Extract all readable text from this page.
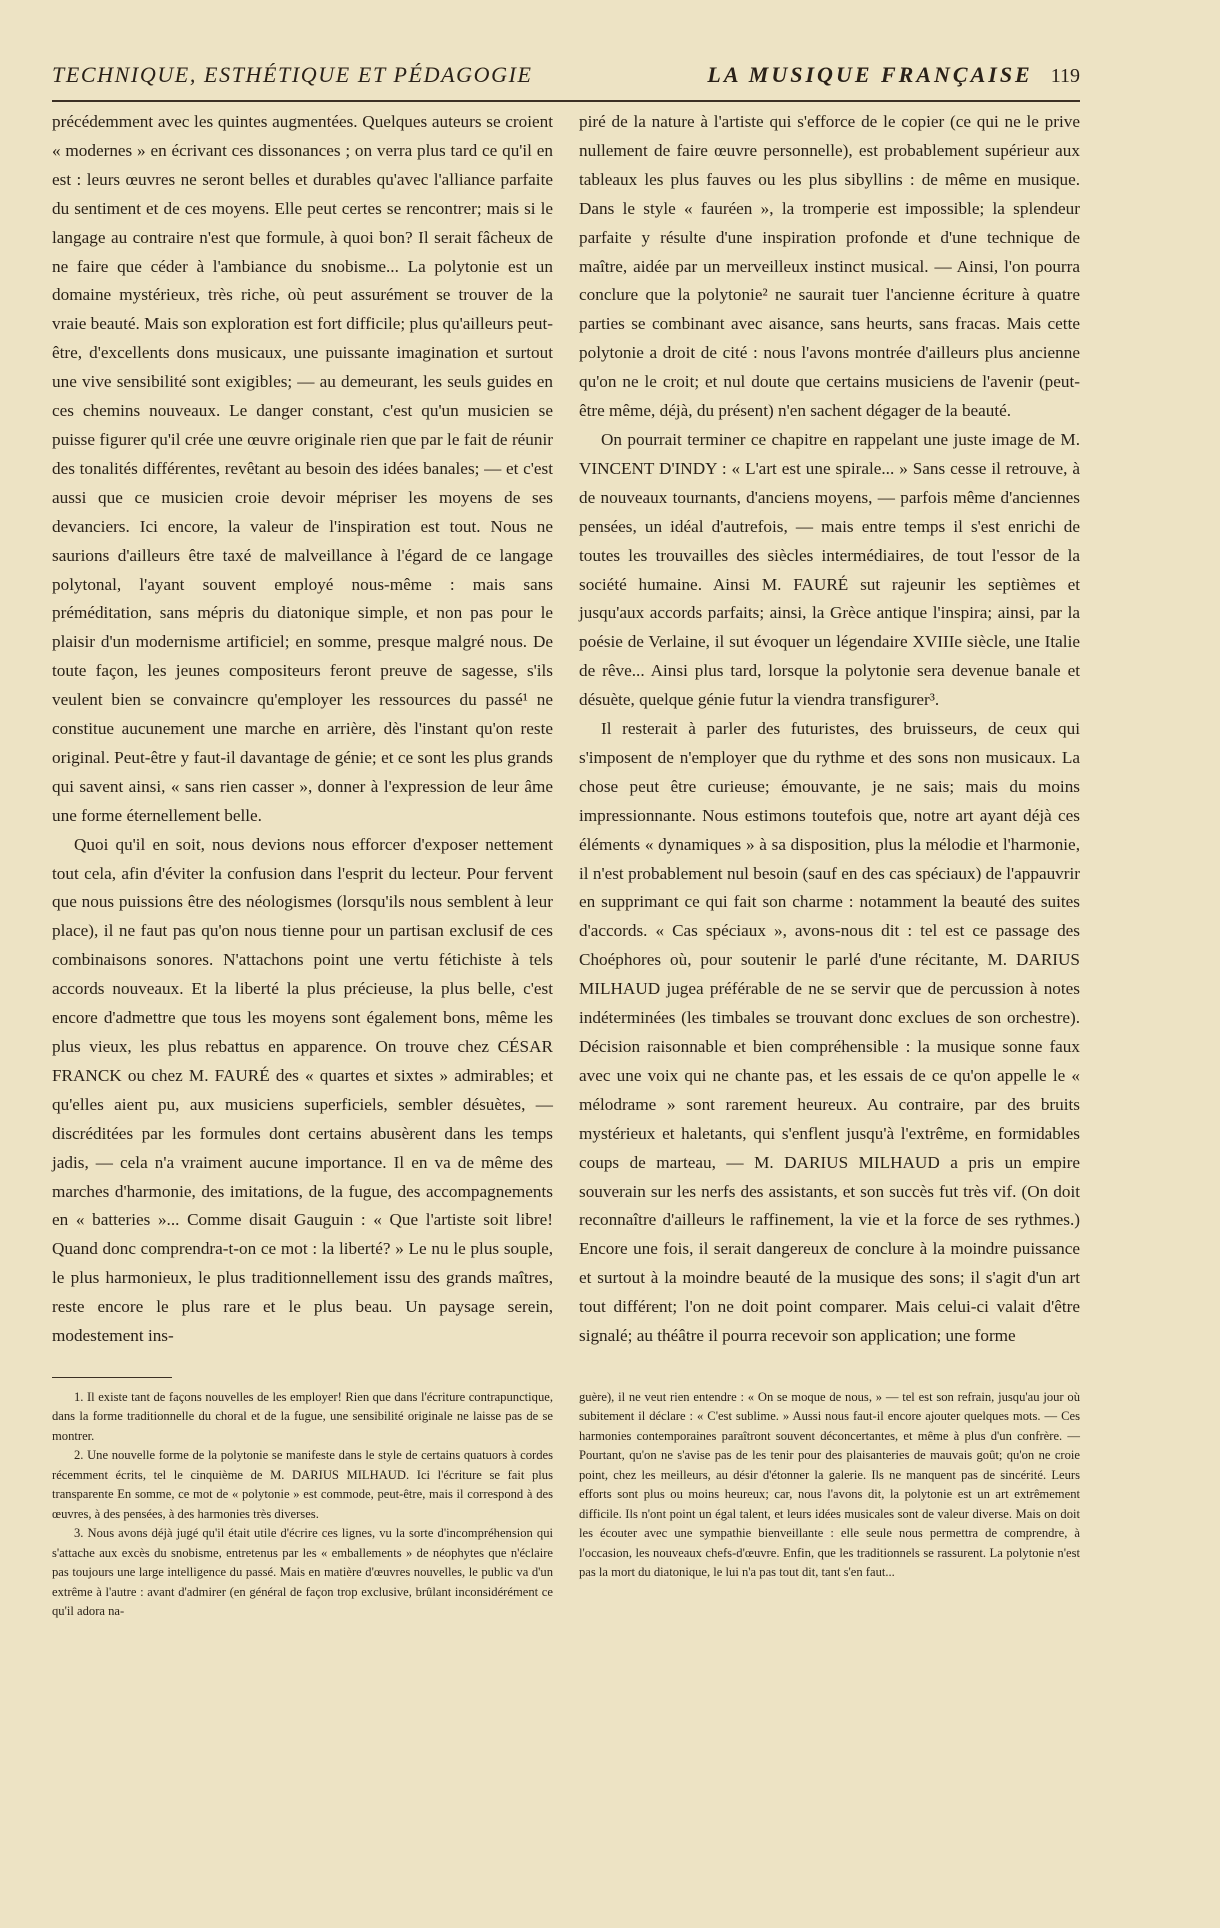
TECHNIQUE, ESTHÉTIQUE ET PÉDAGOGIE	LA MUSIQUE FRANÇAISE 119

précédemment avec les quintes augmentées. Quelques auteurs se croient « modernes » en écrivant ces dissonances ; on verra plus tard ce qu'il en est : leurs œuvres ne seront belles et durables qu'avec l'alliance parfaite du sentiment et de ces moyens. Elle peut certes se rencontrer; mais si le langage au contraire n'est que formule, à quoi bon? Il serait fâcheux de ne faire que céder à l'ambiance du snobisme... La polytonie est un domaine mystérieux, très riche, où peut assurément se trouver de la vraie beauté. Mais son exploration est fort difficile; plus qu'ailleurs peut-être, d'excellents dons musicaux, une puissante imagination et surtout une vive sensibilité sont exigibles; — au demeurant, les seuls guides en ces chemins nouveaux. Le danger constant, c'est qu'un musicien se puisse figurer qu'il crée une œuvre originale rien que par le fait de réunir des tonalités différentes, revêtant au besoin des idées banales; — et c'est aussi que ce musicien croie devoir mépriser les moyens de ses devanciers. Ici encore, la valeur de l'inspiration est tout. Nous ne saurions d'ailleurs être taxé de malveillance à l'égard de ce langage polytonal, l'ayant souvent employé nous-même : mais sans préméditation, sans mépris du diatonique simple, et non pas pour le plaisir d'un modernisme artificiel; en somme, presque malgré nous. De toute façon, les jeunes compositeurs feront preuve de sagesse, s'ils veulent bien se convaincre qu'employer les ressources du passé¹ ne constitue aucunement une marche en arrière, dès l'instant qu'on reste original. Peut-être y faut-il davantage de génie; et ce sont les plus grands qui savent ainsi, « sans rien casser », donner à l'expression de leur âme une forme éternellement belle.

Quoi qu'il en soit, nous devions nous efforcer d'exposer nettement tout cela, afin d'éviter la confusion dans l'esprit du lecteur. Pour fervent que nous puissions être des néologismes (lorsqu'ils nous semblent à leur place), il ne faut pas qu'on nous tienne pour un partisan exclusif de ces combinaisons sonores. N'attachons point une vertu fétichiste à tels accords nouveaux. Et la liberté la plus précieuse, la plus belle, c'est encore d'admettre que tous les moyens sont également bons, même les plus vieux, les plus rebattus en apparence. On trouve chez CÉSAR FRANCK ou chez M. FAURÉ des « quartes et sixtes » admirables; et qu'elles aient pu, aux musiciens superficiels, sembler désuètes, — discréditées par les formules dont certains abusèrent dans les temps jadis, — cela n'a vraiment aucune importance. Il en va de même des marches d'harmonie, des imitations, de la fugue, des accompagnements en « batteries »... Comme disait Gauguin : « Que l'artiste soit libre! Quand donc comprendra-t-on ce mot : la liberté? » Le nu le plus souple, le plus harmonieux, le plus traditionnellement issu des grands maîtres, reste encore le plus rare et le plus beau. Un paysage serein, modestement ins-

piré de la nature à l'artiste qui s'efforce de le copier (ce qui ne le prive nullement de faire œuvre personnelle), est probablement supérieur aux tableaux les plus fauves ou les plus sibyllins : de même en musique. Dans le style « fauréen », la tromperie est impossible; la splendeur parfaite y résulte d'une inspiration profonde et d'une technique de maître, aidée par un merveilleux instinct musical. — Ainsi, l'on pourra conclure que la polytonie² ne saurait tuer l'ancienne écriture à quatre parties se combinant avec aisance, sans heurts, sans fracas. Mais cette polytonie a droit de cité : nous l'avons montrée d'ailleurs plus ancienne qu'on ne le croit; et nul doute que certains musiciens de l'avenir (peut-être même, déjà, du présent) n'en sachent dégager de la beauté.

On pourrait terminer ce chapitre en rappelant une juste image de M. VINCENT D'INDY : « L'art est une spirale... » Sans cesse il retrouve, à de nouveaux tournants, d'anciens moyens, — parfois même d'anciennes pensées, un idéal d'autrefois, — mais entre temps il s'est enrichi de toutes les trouvailles des siècles intermédiaires, de tout l'essor de la société humaine. Ainsi M. FAURÉ sut rajeunir les septièmes et jusqu'aux accords parfaits; ainsi, la Grèce antique l'inspira; ainsi, par la poésie de Verlaine, il sut évoquer un légendaire XVIIIe siècle, une Italie de rêve... Ainsi plus tard, lorsque la polytonie sera devenue banale et désuète, quelque génie futur la viendra transfigurer³.

Il resterait à parler des futuristes, des bruisseurs, de ceux qui s'imposent de n'employer que du rythme et des sons non musicaux. La chose peut être curieuse; émouvante, je ne sais; mais du moins impressionnante. Nous estimons toutefois que, notre art ayant déjà ces éléments « dynamiques » à sa disposition, plus la mélodie et l'harmonie, il n'est probablement nul besoin (sauf en des cas spéciaux) de l'appauvrir en supprimant ce qui fait son charme : notamment la beauté des suites d'accords. « Cas spéciaux », avons-nous dit : tel est ce passage des Choéphores où, pour soutenir le parlé d'une récitante, M. DARIUS MILHAUD jugea préférable de ne se servir que de percussion à notes indéterminées (les timbales se trouvant donc exclues de son orchestre). Décision raisonnable et bien compréhensible : la musique sonne faux avec une voix qui ne chante pas, et les essais de ce qu'on appelle le « mélodrame » sont rarement heureux. Au contraire, par des bruits mystérieux et haletants, qui s'enflent jusqu'à l'extrême, en formidables coups de marteau, — M. DARIUS MILHAUD a pris un empire souverain sur les nerfs des assistants, et son succès fut très vif. (On doit reconnaître d'ailleurs le raffinement, la vie et la force de ses rythmes.) Encore une fois, il serait dangereux de conclure à la moindre puissance et surtout à la moindre beauté de la musique des sons; il s'agit d'un art tout différent; l'on ne doit point comparer. Mais celui-ci valait d'être signalé; au théâtre il pourra recevoir son application; une forme

1. Il existe tant de façons nouvelles de les employer! Rien que dans l'écriture contrapunctique, dans la forme traditionnelle du choral et de la fugue, une sensibilité originale ne laisse pas de se montrer.

2. Une nouvelle forme de la polytonie se manifeste dans le style de certains quatuors à cordes récemment écrits, tel le cinquième de M. DARIUS MILHAUD. Ici l'écriture se fait plus transparente En somme, ce mot de « polytonie » est commode, peut-être, mais il correspond à des œuvres, à des pensées, à des harmonies très diverses.

3. Nous avons déjà jugé qu'il était utile d'écrire ces lignes, vu la sorte d'incompréhension qui s'attache aux excès du snobisme, entretenus par les « emballements » de néophytes que n'éclaire pas toujours une large intelligence du passé. Mais en matière d'œuvres nouvelles, le public va d'un extrême à l'autre : avant d'admirer (en général de façon trop exclusive, brûlant inconsidérément ce qu'il adora na-

guère), il ne veut rien entendre : « On se moque de nous, » — tel est son refrain, jusqu'au jour où subitement il déclare : « C'est sublime. » Aussi nous faut-il encore ajouter quelques mots. — Ces harmonies contemporaines paraîtront souvent déconcertantes, et même à plus d'un confrère. — Pourtant, qu'on ne s'avise pas de les tenir pour des plaisanteries de mauvais goût; qu'on ne croie point, chez les meilleurs, au désir d'étonner la galerie. Ils ne manquent pas de sincérité. Leurs efforts sont plus ou moins heureux; car, nous l'avons dit, la polytonie est un art extrêmement difficile. Ils n'ont point un égal talent, et leurs idées musicales sont de valeur diverse. Mais on doit les écouter avec une sympathie bienveillante : elle seule nous permettra de comprendre, à l'occasion, les nouveaux chefs-d'œuvre. Enfin, que les traditionnels se rassurent. La polytonie n'est pas la mort du diatonique, le lui n'a pas tout dit, tant s'en faut...
